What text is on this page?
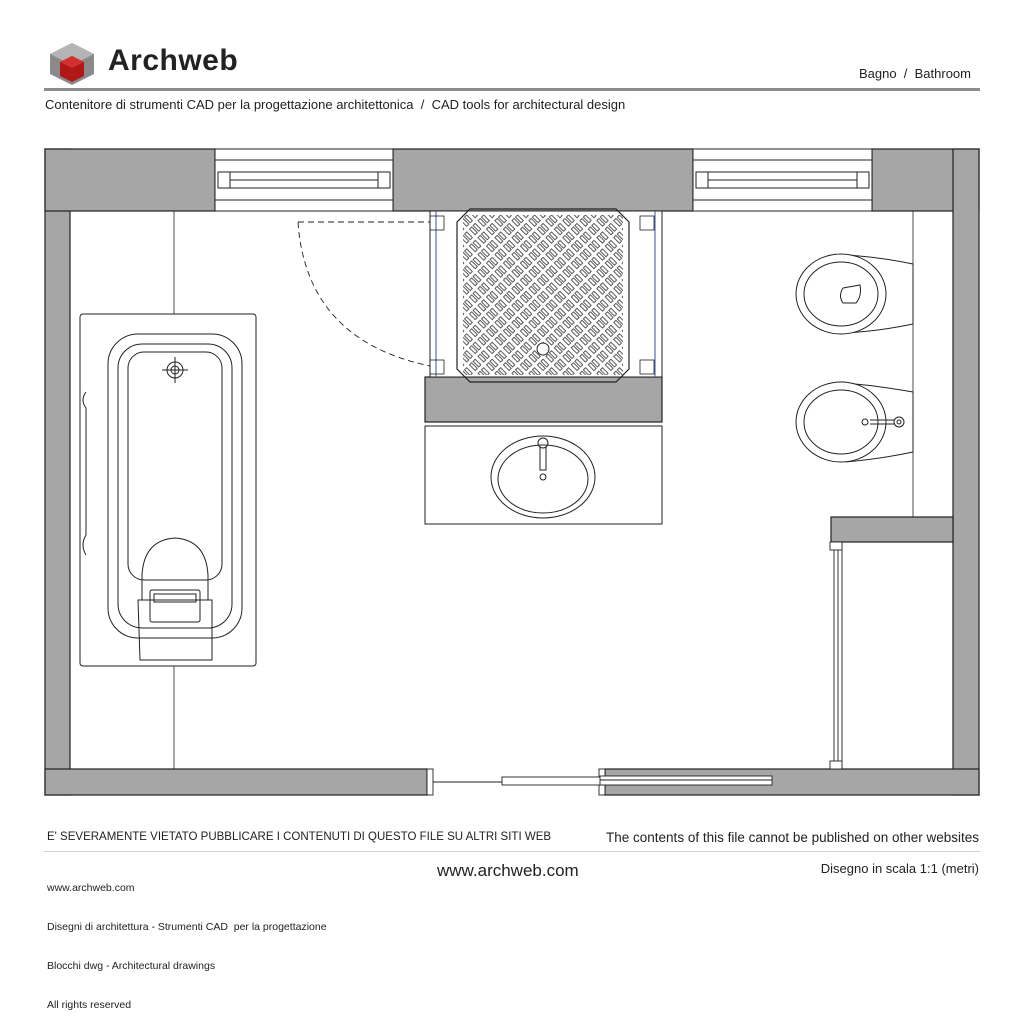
Archweb	Bagno  /  Bathroom
Contenitore di strumenti CAD per la progettazione architettonica  /  CAD tools for architectural design
E' SEVERAMENTE VIETATO PUBBLICARE I CONTENUTI DI QUESTO FILE SU ALTRI SITI WEB	The contents of this file cannot be published on other websites

www.archweb.com

Disegni di architettura - Strumenti CAD  per la progettazione

Blocchi dwg - Architectural drawings

All rights reserved

www.archweb.com	Disegno in scala 1:1 (metri)
